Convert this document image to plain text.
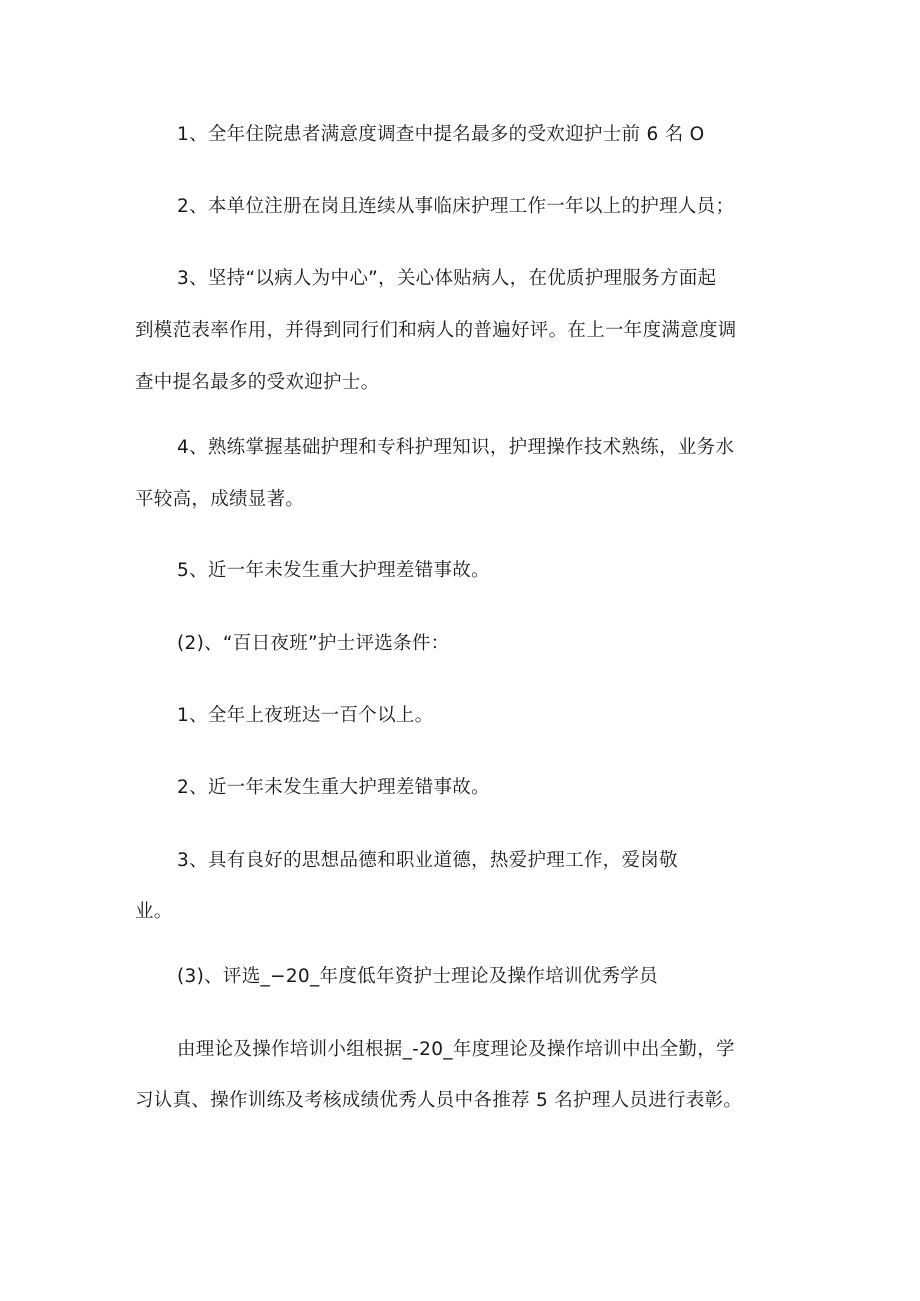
1、全年住院患者满意度调查中提名最多的受欢迎护士前 6 名 O
2、本单位注册在岗且连续从事临床护理工作一年以上的护理人员；
3、坚持“以病人为中心”，关心体贴病人，在优质护理服务方面起
到模范表率作用，并得到同行们和病人的普遍好评。在上一年度满意度调
查中提名最多的受欢迎护士。
4、熟练掌握基础护理和专科护理知识，护理操作技术熟练，业务水
平较高，成绩显著。
5、近一年未发生重大护理差错事故。
(2)、“百日夜班”护士评选条件：
1、全年上夜班达一百个以上。
2、近一年未发生重大护理差错事故。
3、具有良好的思想品德和职业道德，热爱护理工作，爱岗敬
业。
(3)、评选_−20_年度低年资护士理论及操作培训优秀学员
由理论及操作培训小组根据_-20_年度理论及操作培训中出全勤，学
习认真、操作训练及考核成绩优秀人员中各推荐 5 名护理人员进行表彰。
